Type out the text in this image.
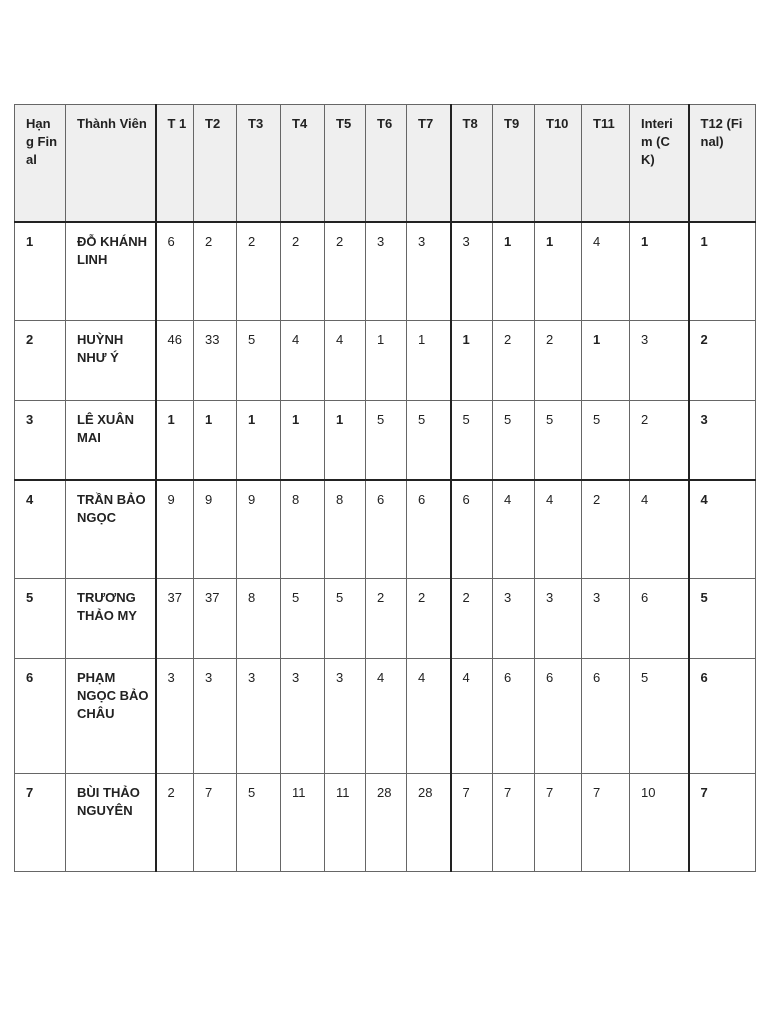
Hạn g Fin al	Thành Viên	T 1	T2	T3	T4	T5	T6	T7	T8	T9	T10	T11	Interi m (CK)	T12 (Final)
1	ĐỖ KHÁNH LINH	6	2	2	2	2	3	3	3	1	1	4	1	1
2	HUỲNH NHƯ Ý	46	33	5	4	4	1	1	1	2	2	1	3	2
3	LÊ XUÂN MAI	1	1	1	1	1	5	5	5	5	5	5	2	3
4	TRẦN BẢO NGỌC	9	9	9	8	8	6	6	6	4	4	2	4	4
5	TRƯƠNG THẢO MY	37	37	8	5	5	2	2	2	3	3	3	6	5
6	PHẠM NGỌC BẢO CHÂU	3	3	3	3	3	4	4	4	6	6	6	5	6
7	BÙI THẢO NGUYÊN	2	7	5	11	11	28	28	7	7	7	7	10	7
